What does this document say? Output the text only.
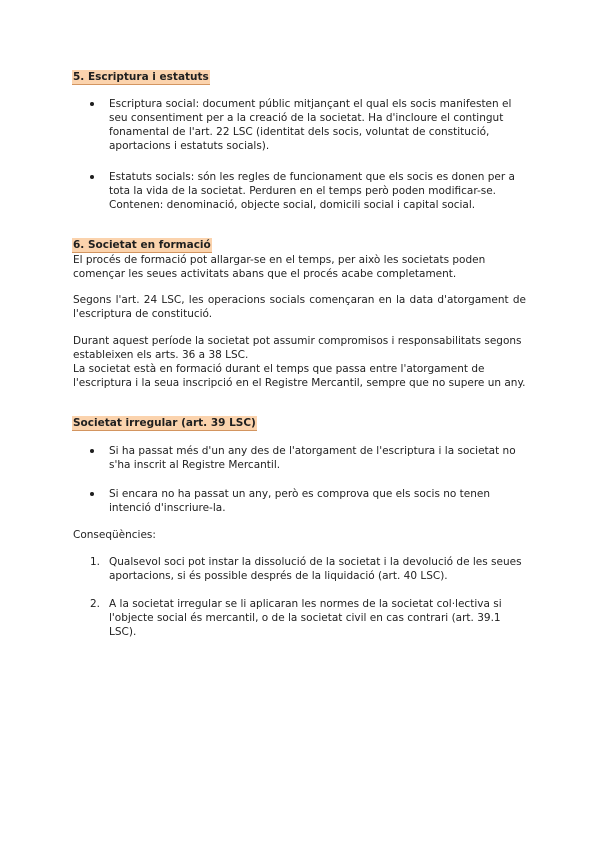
5. Escriptura i estatuts
Escriptura social: document públic mitjançant el qual els socis manifesten el seu consentiment per a la creació de la societat. Ha d'incloure el contingut fonamental de l'art. 22 LSC (identitat dels socis, voluntat de constitució, aportacions i estatuts socials).
Estatuts socials: són les regles de funcionament que els socis es donen per a tota la vida de la societat. Perduren en el temps però poden modificar-se. Contenen: denominació, objecte social, domicili social i capital social.
6. Societat en formació
El procés de formació pot allargar-se en el temps, per això les societats poden començar les seues activitats abans que el procés acabe completament.
Segons l'art. 24 LSC, les operacions socials començaran en la data d'atorgament de l'escriptura de constitució.
Durant aquest període la societat pot assumir compromisos i responsabilitats segons estableixen els arts. 36 a 38 LSC.
La societat està en formació durant el temps que passa entre l'atorgament de l'escriptura i la seua inscripció en el Registre Mercantil, sempre que no supere un any.
Societat irregular (art. 39 LSC)
Si ha passat més d'un any des de l'atorgament de l'escriptura i la societat no s'ha inscrit al Registre Mercantil.
Si encara no ha passat un any, però es comprova que els socis no tenen intenció d'inscriure-la.
Conseqüències:
1. Qualsevol soci pot instar la dissolució de la societat i la devolució de les seues aportacions, si és possible després de la liquidació (art. 40 LSC).
2. A la societat irregular se li aplicaran les normes de la societat col·lectiva si l'objecte social és mercantil, o de la societat civil en cas contrari (art. 39.1 LSC).
